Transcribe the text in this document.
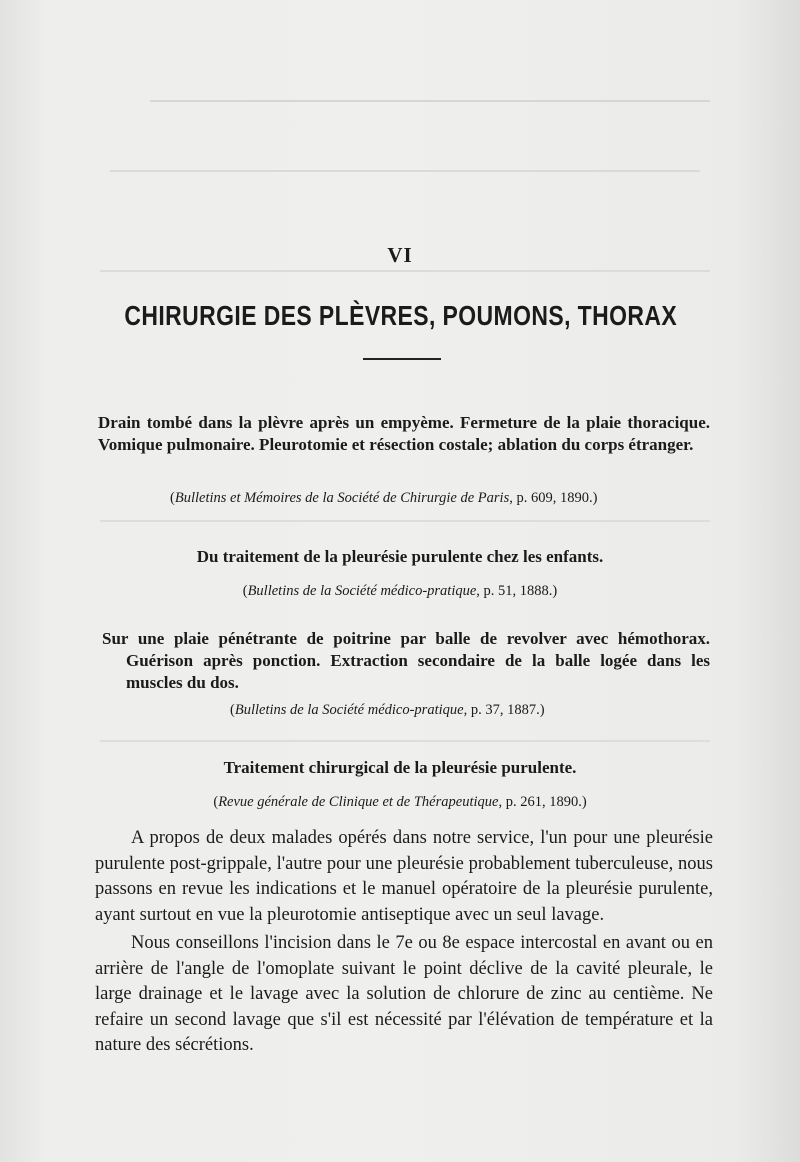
VI
CHIRURGIE DES PLÈVRES, POUMONS, THORAX
Drain tombé dans la plèvre après un empyème. Fermeture de la plaie thoracique. Vomique pulmonaire. Pleurotomie et résection costale; ablation du corps étranger.
(Bulletins et Mémoires de la Société de Chirurgie de Paris, p. 609, 1890.)
Du traitement de la pleurésie purulente chez les enfants.
(Bulletins de la Société médico-pratique, p. 51, 1888.)
Sur une plaie pénétrante de poitrine par balle de revolver avec hémothorax. Guérison après ponction. Extraction secondaire de la balle logée dans les muscles du dos.
(Bulletins de la Société médico-pratique, p. 37, 1887.)
Traitement chirurgical de la pleurésie purulente.
(Revue générale de Clinique et de Thérapeutique, p. 261, 1890.)

A propos de deux malades opérés dans notre service, l'un pour une pleurésie purulente post-grippale, l'autre pour une pleurésie probablement tuberculeuse, nous passons en revue les indications et le manuel opératoire de la pleurésie purulente, ayant surtout en vue la pleurotomie antiseptique avec un seul lavage.

Nous conseillons l'incision dans le 7e ou 8e espace intercostal en avant ou en arrière de l'angle de l'omoplate suivant le point déclive de la cavité pleurale, le large drainage et le lavage avec la solution de chlorure de zinc au centième. Ne refaire un second lavage que s'il est nécessité par l'élévation de température et la nature des sécrétions.
